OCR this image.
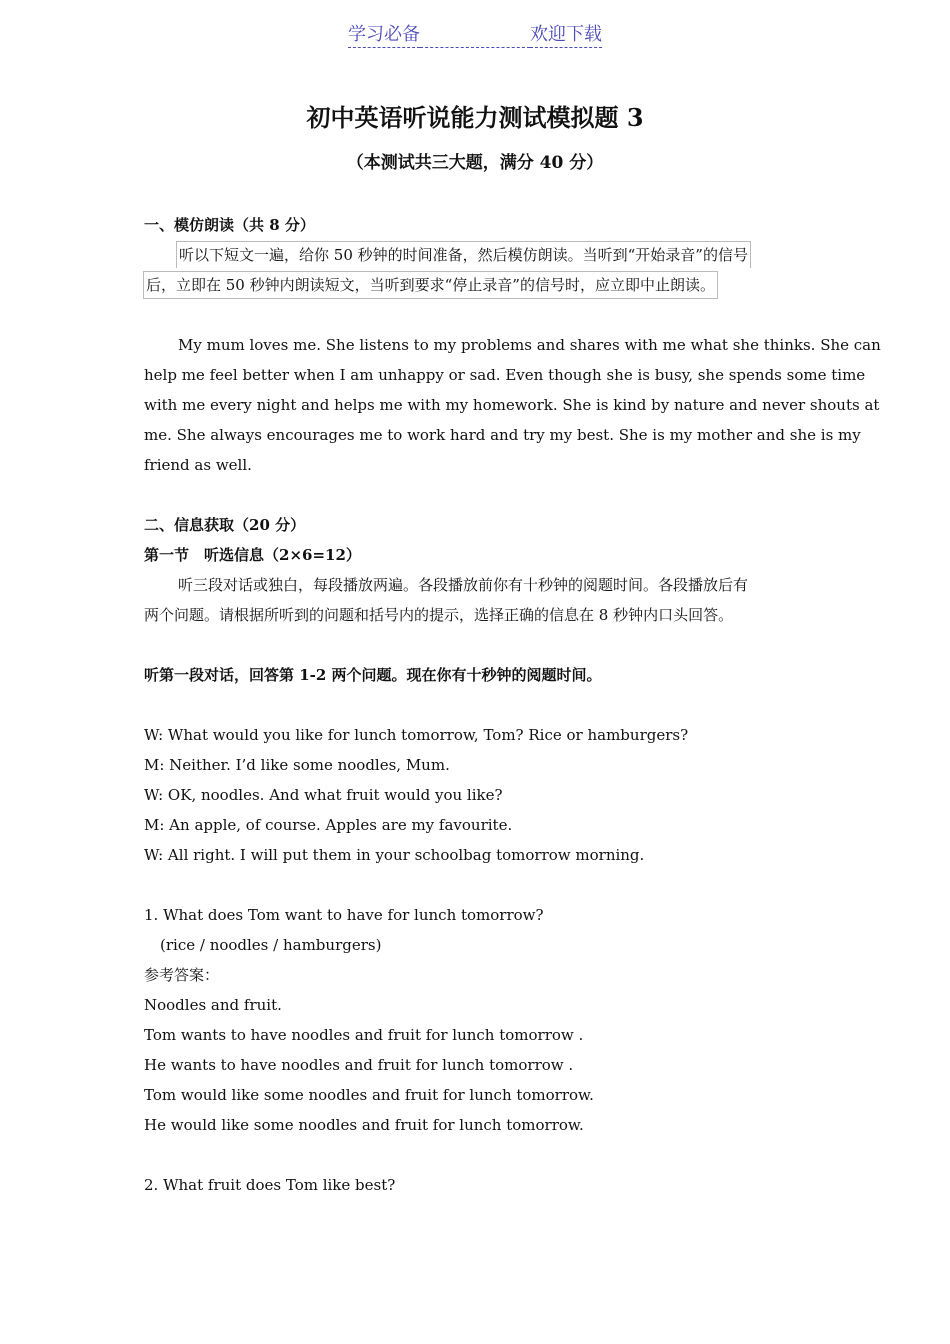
学习必备	欢迎下载
初中英语听说能力测试模拟题 3
（本测试共三大题，满分 40 分）
一、模仿朗读（共 8 分）
听以下短文一遍，给你 50 秒钟的时间准备，然后模仿朗读。当听到“开始录音”的信号
后，立即在 50 秒钟内朗读短文，当听到要求“停止录音”的信号时，应立即中止朗读。
My mum loves me. She listens to my problems and shares with me what she thinks. She can
help me feel better when I am unhappy or sad. Even though she is busy, she spends some time
with me every night and helps me with my homework. She is kind by nature and never shouts at
me. She always encourages me to work hard and try my best. She is my mother and she is my
friend as well.
二、信息获取（20 分）
第一节　听选信息（2×6=12）
听三段对话或独白，每段播放两遍。各段播放前你有十秒钟的阅题时间。各段播放后有
两个问题。请根据所听到的问题和括号内的提示，选择正确的信息在 8 秒钟内口头回答。
听第一段对话，回答第 1-2 两个问题。现在你有十秒钟的阅题时间。
W: What would you like for lunch tomorrow, Tom? Rice or hamburgers?
M: Neither. I’d like some noodles, Mum.
W: OK, noodles. And what fruit would you like?
M: An apple, of course. Apples are my favourite.
W: All right. I will put them in your schoolbag tomorrow morning.
1. What does Tom want to have for lunch tomorrow?
(rice / noodles / hamburgers)
参考答案：
Noodles and fruit.
Tom wants to have noodles and fruit for lunch tomorrow .
He wants to have noodles and fruit for lunch tomorrow .
Tom would like some noodles and fruit for lunch tomorrow.
He would like some noodles and fruit for lunch tomorrow.
2. What fruit does Tom like best?
